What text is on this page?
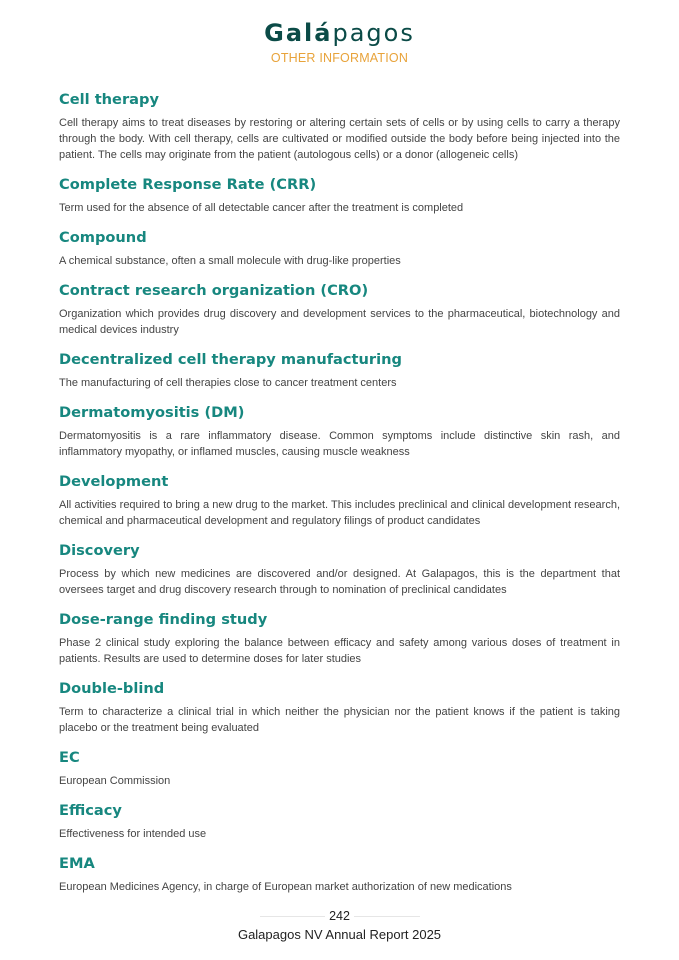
Galápagos
OTHER INFORMATION
Cell therapy

Cell therapy aims to treat diseases by restoring or altering certain sets of cells or by using cells to carry a therapy through the body. With cell therapy, cells are cultivated or modified outside the body before being injected into the patient. The cells may originate from the patient (autologous cells) or a donor (allogeneic cells)

Complete Response Rate (CRR)

Term used for the absence of all detectable cancer after the treatment is completed

Compound

A chemical substance, often a small molecule with drug-like properties

Contract research organization (CRO)

Organization which provides drug discovery and development services to the pharmaceutical, biotechnology and medical devices industry

Decentralized cell therapy manufacturing

The manufacturing of cell therapies close to cancer treatment centers

Dermatomyositis (DM)

Dermatomyositis is a rare inflammatory disease. Common symptoms include distinctive skin rash, and inflammatory myopathy, or inflamed muscles, causing muscle weakness

Development

All activities required to bring a new drug to the market. This includes preclinical and clinical development research, chemical and pharmaceutical development and regulatory filings of product candidates

Discovery

Process by which new medicines are discovered and/or designed. At Galapagos, this is the department that oversees target and drug discovery research through to nomination of preclinical candidates

Dose-range finding study

Phase 2 clinical study exploring the balance between efficacy and safety among various doses of treatment in patients. Results are used to determine doses for later studies

Double-blind

Term to characterize a clinical trial in which neither the physician nor the patient knows if the patient is taking placebo or the treatment being evaluated

EC

European Commission

Efficacy

Effectiveness for intended use

EMA

European Medicines Agency, in charge of European market authorization of new medications

242
Galapagos NV Annual Report 2025
